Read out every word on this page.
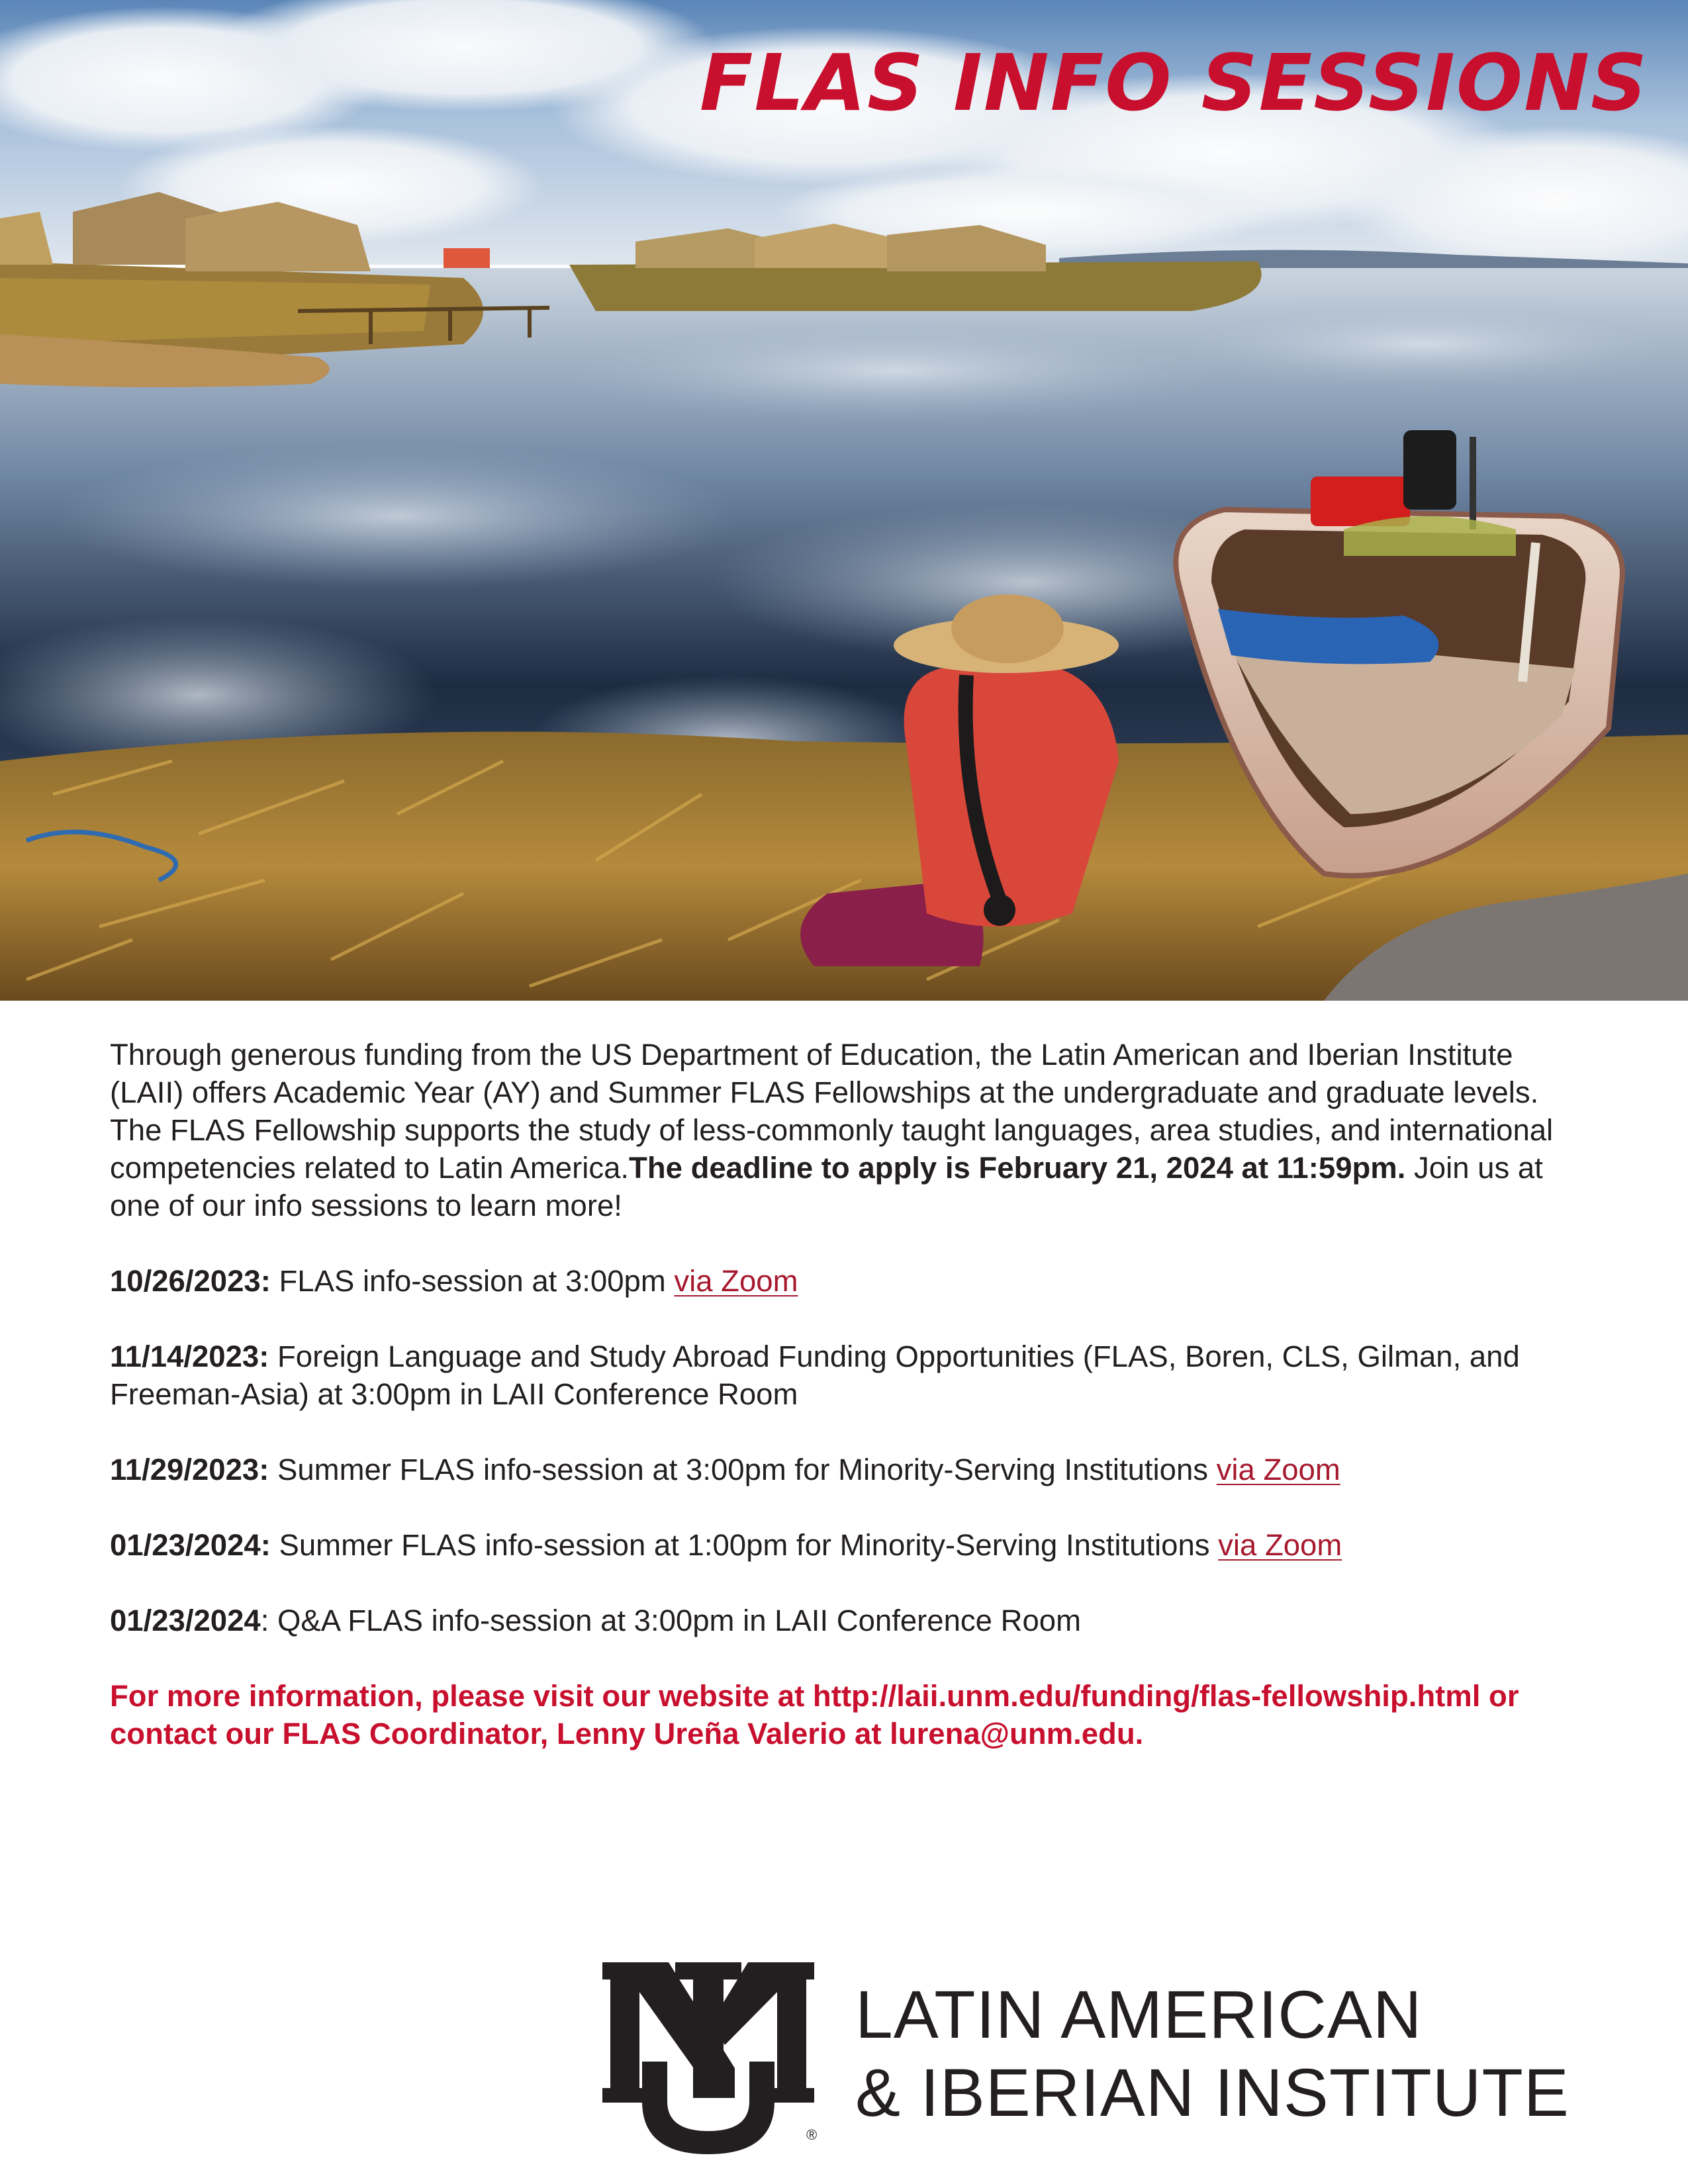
FLAS INFO SESSIONS

Through generous funding from the US Department of Education, the Latin American and Iberian Institute (LAII) offers Academic Year (AY) and Summer FLAS Fellowships at the undergraduate and graduate levels. The FLAS Fellowship supports the study of less-commonly taught languages, area studies, and international competencies related to Latin America.The deadline to apply is February 21, 2024 at 11:59pm. Join us at one of our info sessions to learn more!

10/26/2023: FLAS info-session at 3:00pm via Zoom

11/14/2023: Foreign Language and Study Abroad Funding Opportunities (FLAS, Boren, CLS, Gilman, and Freeman-Asia) at 3:00pm in LAII Conference Room

11/29/2023: Summer FLAS info-session at 3:00pm for Minority-Serving Institutions via Zoom

01/23/2024: Summer FLAS info-session at 1:00pm for Minority-Serving Institutions via Zoom

01/23/2024: Q&A FLAS info-session at 3:00pm in LAII Conference Room

For more information, please visit our website at http://laii.unm.edu/funding/flas-fellowship.html or contact our FLAS Coordinator, Lenny Ureña Valerio at lurena@unm.edu.

®
LATIN AMERICAN
& IBERIAN INSTITUTE
